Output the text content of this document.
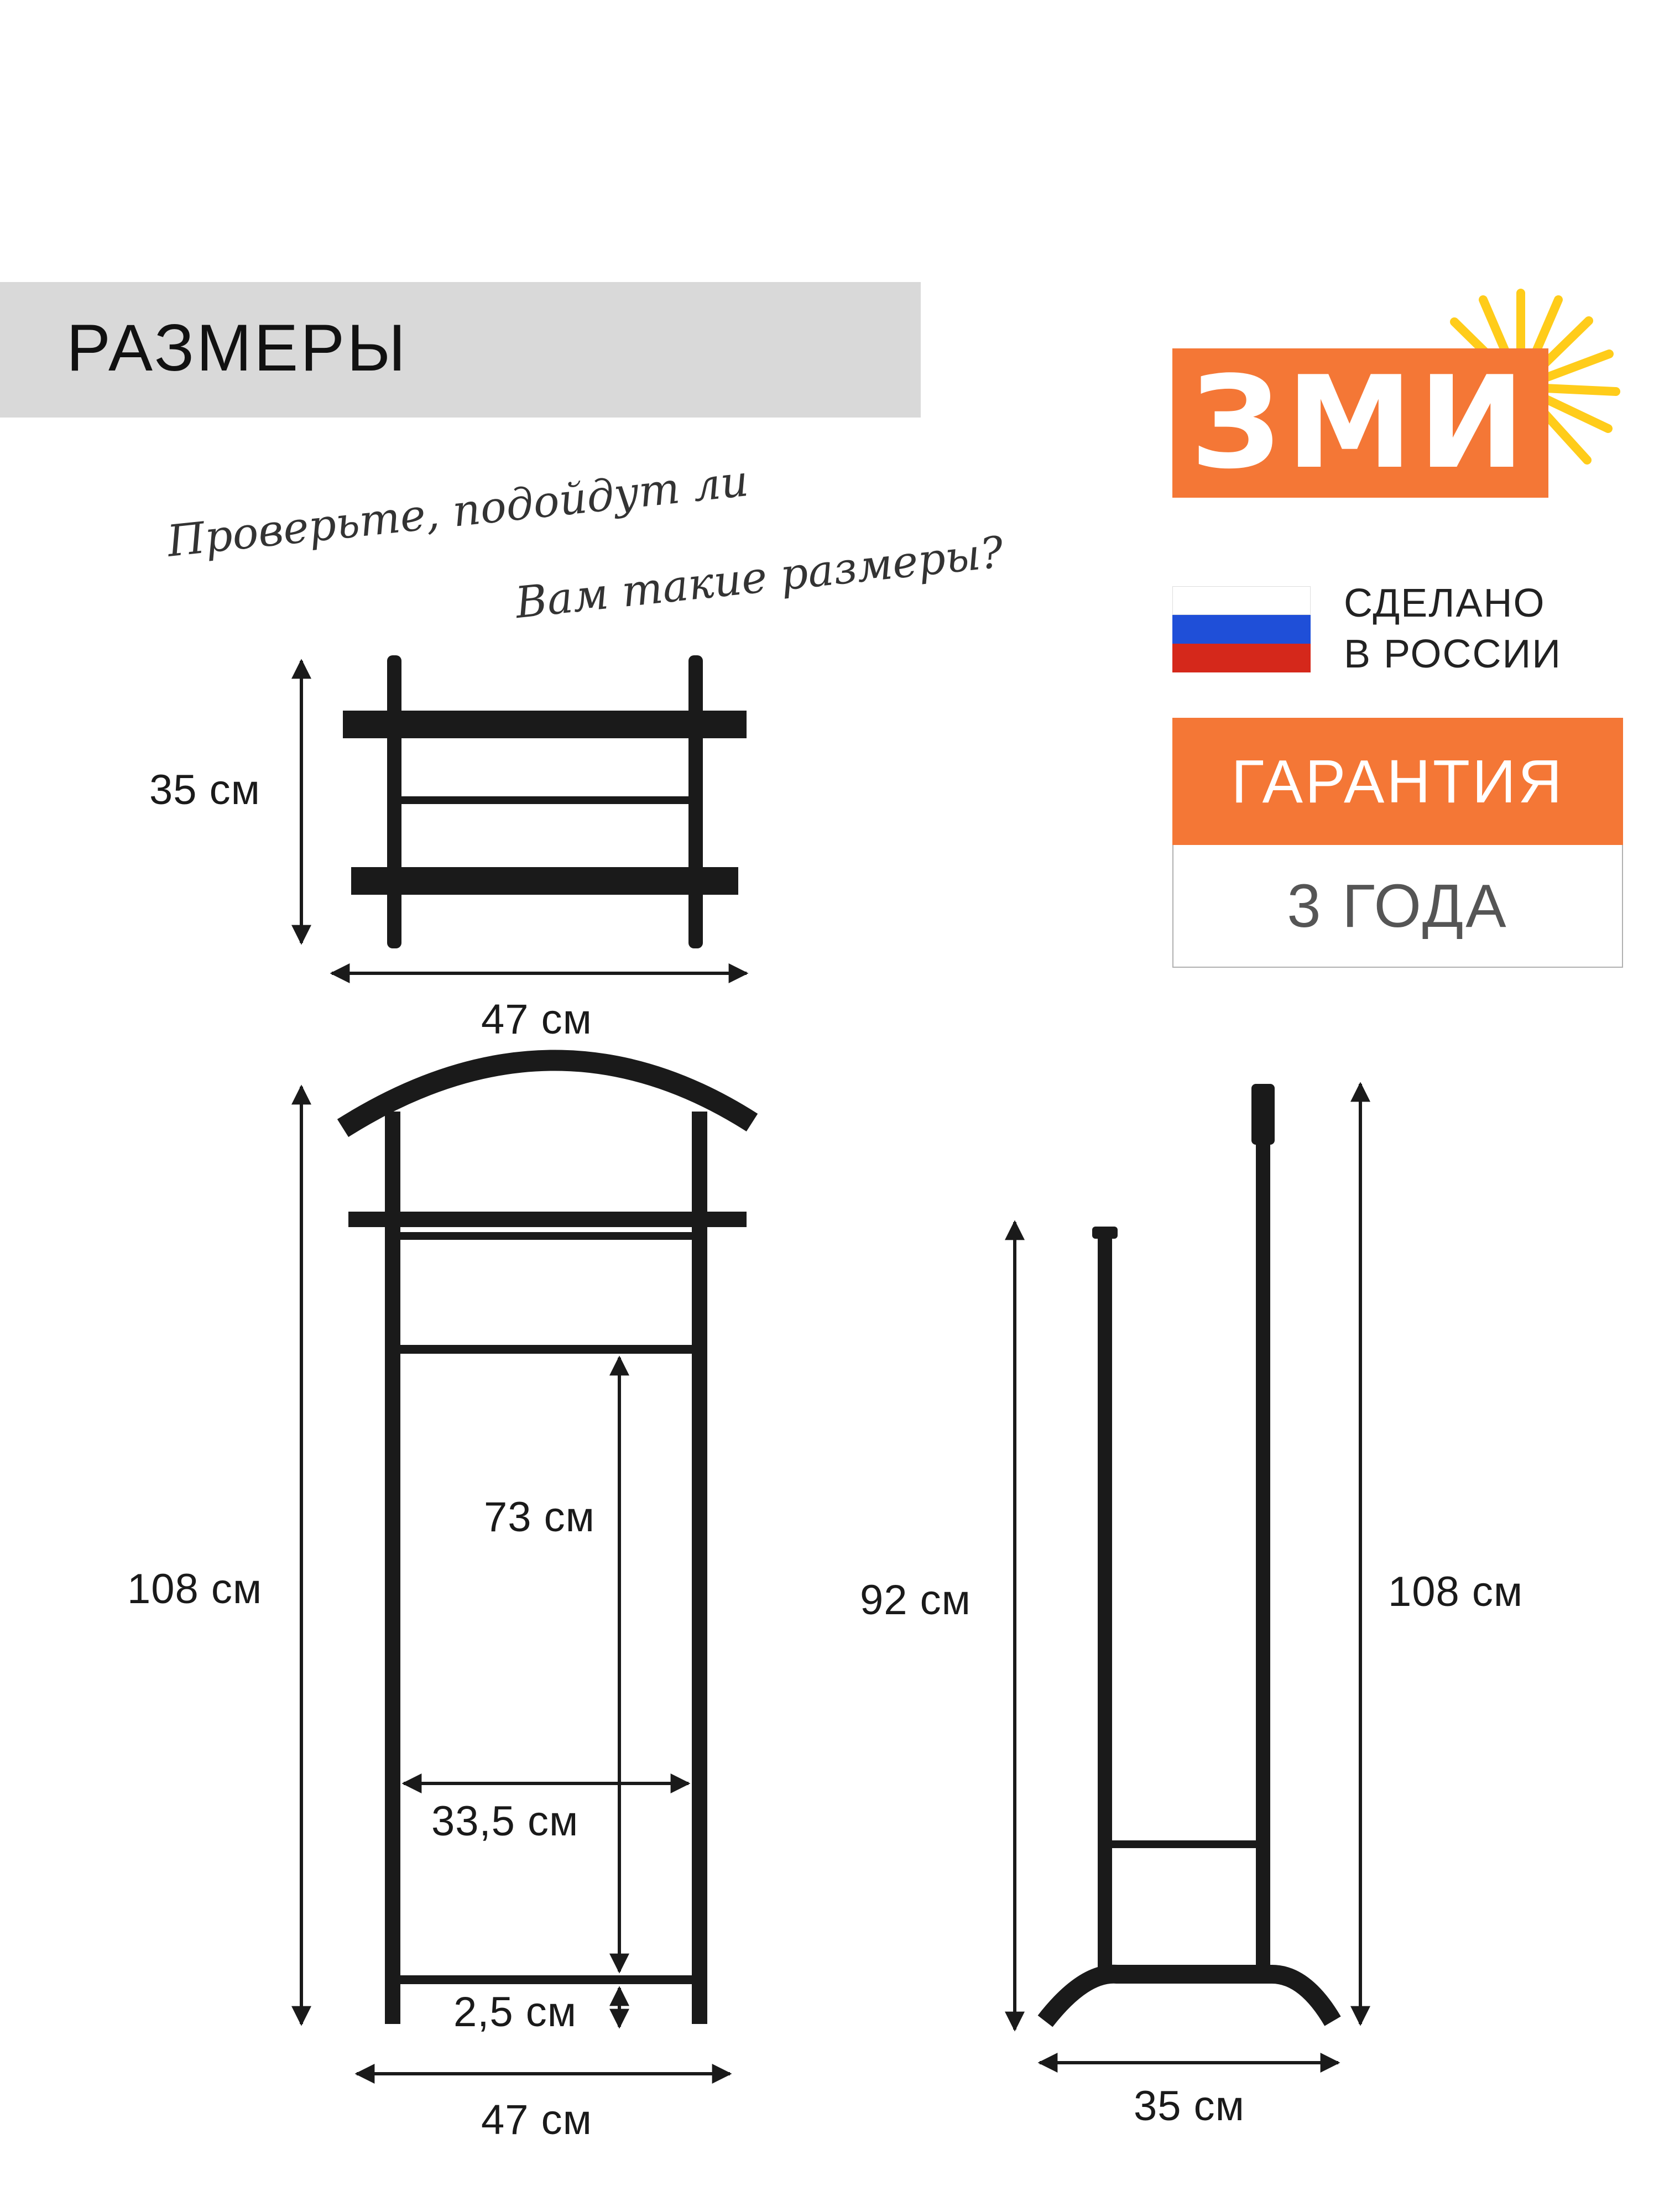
РАЗМЕРЫ
Проверьте, подойдут ли
Вам такие размеры?
ЗМИ
СДЕЛАНО
В РОССИИ
ГАРАНТИЯ
3 ГОДА
35 см
47 см
108 см
73 см
33,5 см
2,5 см
47 см
92 см	108 см
35 см
